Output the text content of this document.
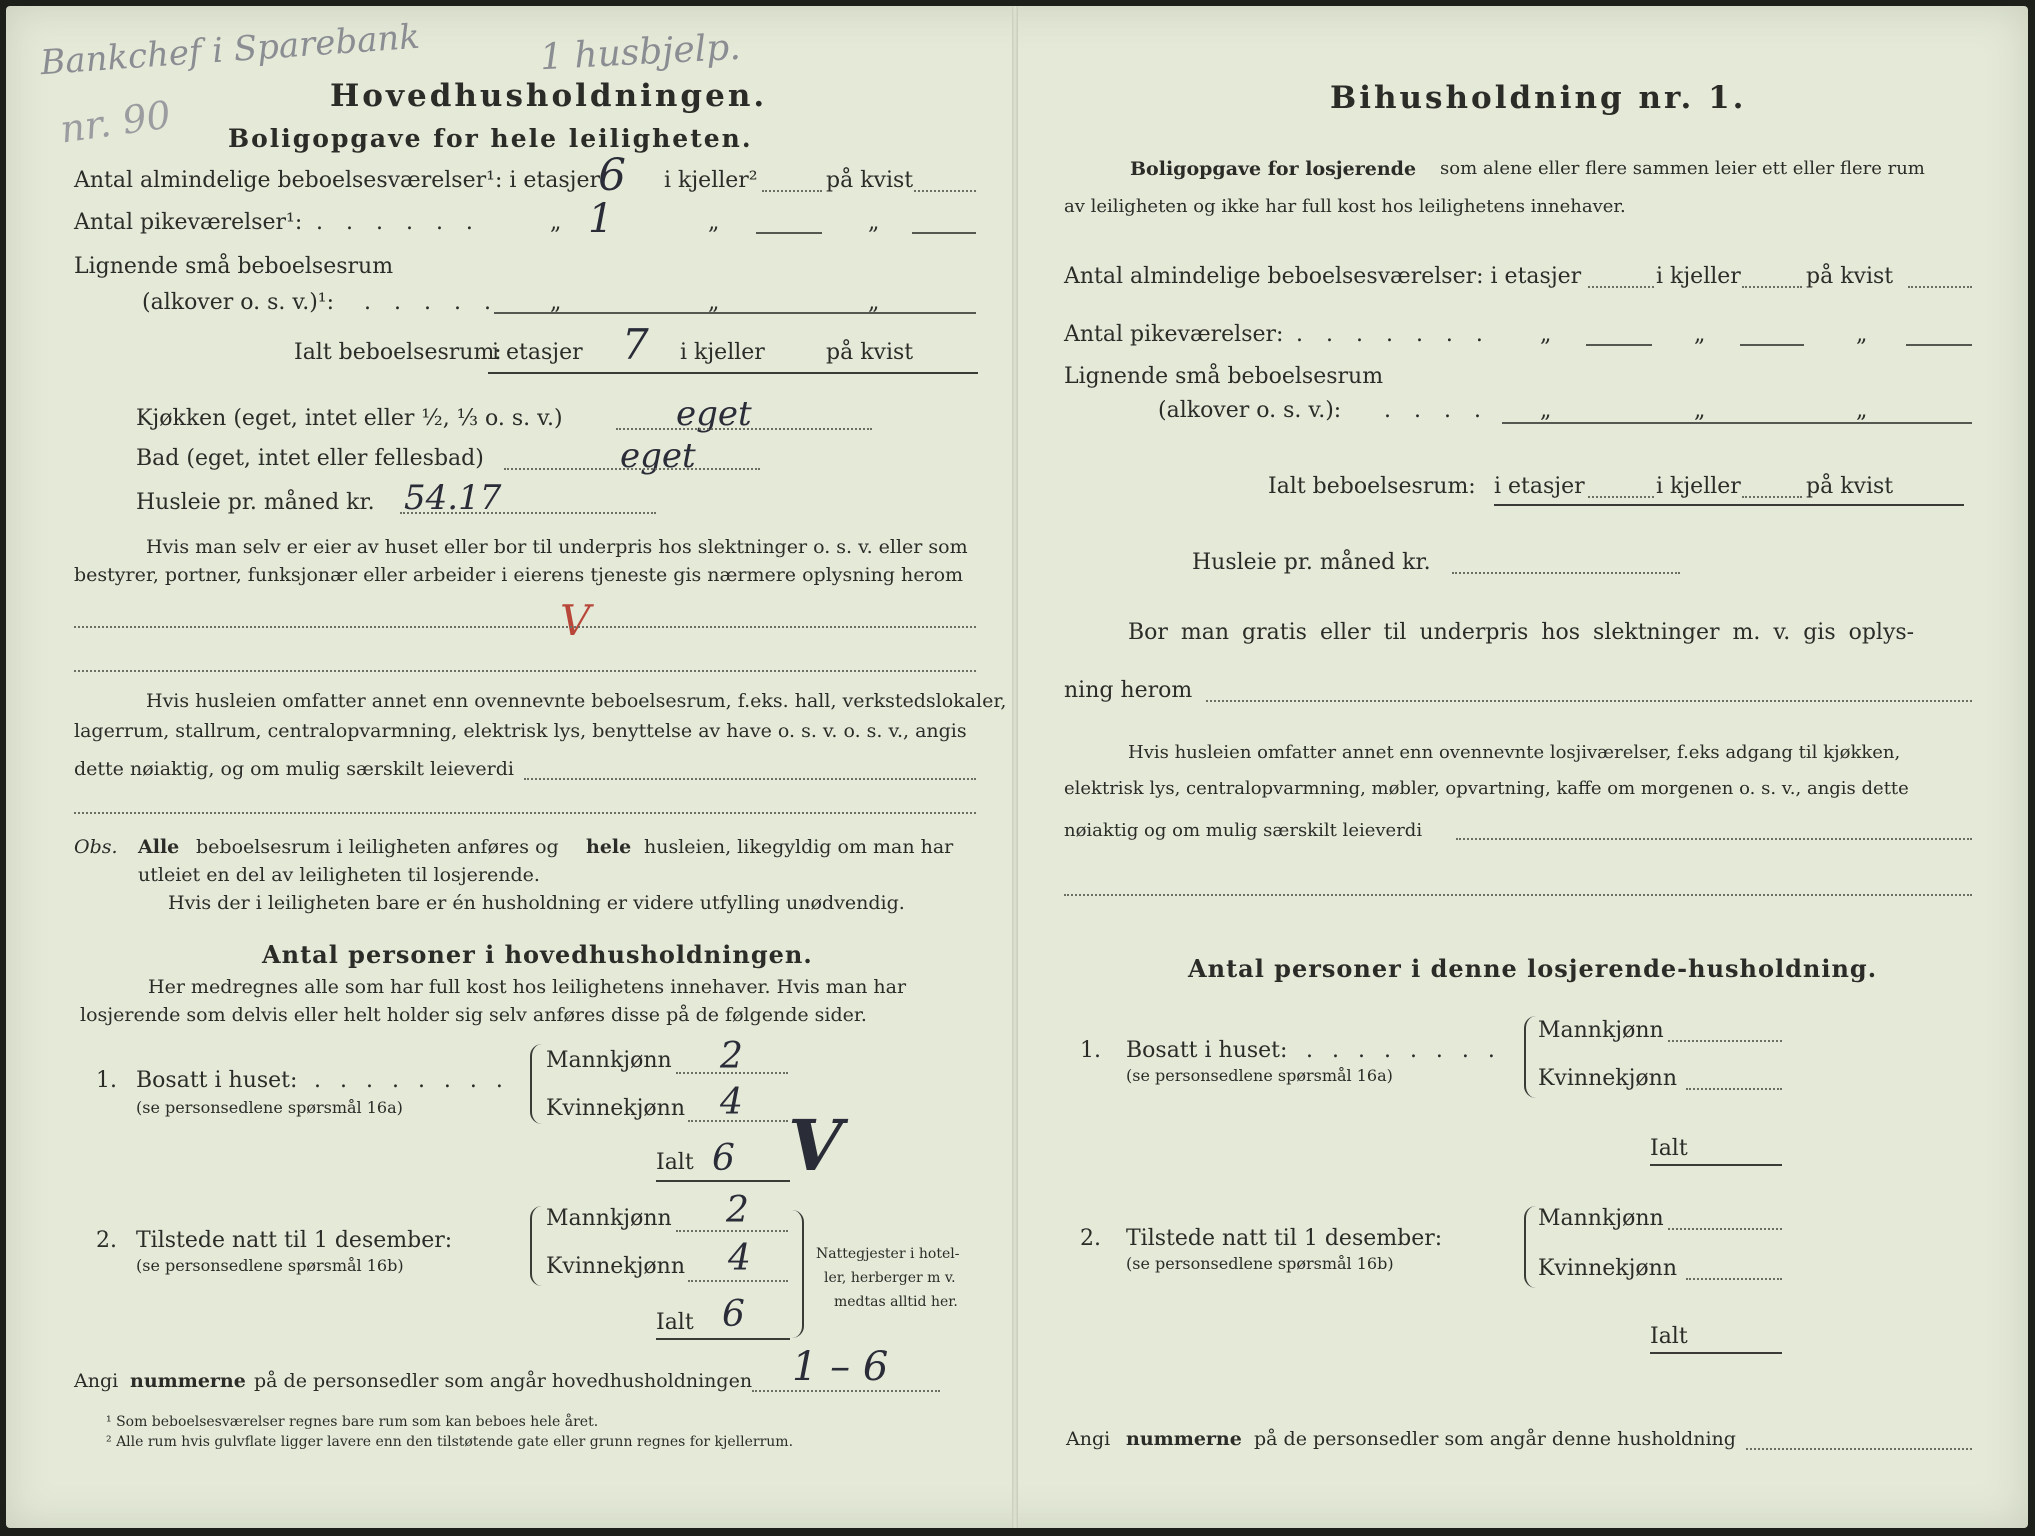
Bankchef i Sparebank	1 husbjelp.
nr. 90	Hovedhusholdningen.
Boligopgave for hele leiligheten.
Antal almindelige beboelsesværelser¹: i etasjer
6 i kjeller²	på kvist
Antal pikeværelser¹: . . . . . .	„ 1	„	„
Lignende små beboelsesrum
(alkover o. s. v.)¹: . . . . . „	„	„
Ialt beboelsesrum:
i etasjer 7 i kjeller	på kvist
Kjøkken (eget, intet eller ½, ⅓ o. s. v.)	eget
Bad (eget, intet eller fellesbad)	eget
Husleie pr. måned kr. 54.17
Hvis man selv er eier av huset eller bor til underpris hos slektninger o. s. v. eller som
bestyrer, portner, funksjonær eller arbeider i eierens tjeneste gis nærmere oplysning herom
V
Hvis husleien omfatter annet enn ovennevnte beboelsesrum, f.eks. hall, verkstedslokaler,
lagerrum, stallrum, centralopvarmning, elektrisk lys, benyttelse av have o. s. v. o. s. v., angis
dette nøiaktig, og om mulig særskilt leieverdi
Obs. Alle beboelsesrum i leiligheten anføres og hele husleien, likegyldig om man har
utleiet en del av leiligheten til losjerende.
Hvis der i leiligheten bare er én husholdning er videre utfylling unødvendig.
Antal personer i hovedhusholdningen.
Her medregnes alle som har full kost hos leilighetens innehaver. Hvis man har
losjerende som delvis eller helt holder sig selv anføres disse på de følgende sider.
1. Bosatt i huset: . . . . . . . .
(se personsedlene spørsmål 16a)
Mannkjønn 2
Kvinnekjønn 4
Ialt 6 V
2. Tilstede natt til 1 desember:
(se personsedlene spørsmål 16b)
Mannkjønn 2
Kvinnekjønn 4
Ialt 6
Nattegjester i hotel-
ler, herberger m v.
medtas alltid her.
Angi nummerne på de personsedler som angår hovedhusholdningen 1 – 6
¹ Som beboelsesværelser regnes bare rum som kan beboes hele året.
² Alle rum hvis gulvflate ligger lavere enn den tilstøtende gate eller grunn regnes for kjellerrum.
Bihusholdning nr. 1.
Boligopgave for losjerende som alene eller flere sammen leier ett eller flere rum
av leiligheten og ikke har full kost hos leilighetens innehaver.
Antal almindelige beboelsesværelser: i etasjer	i kjeller	på kvist
Antal pikeværelser: . . . . . . . „	„	„
Lignende små beboelsesrum
(alkover o. s. v.): . . . . „	„	„
Ialt beboelsesrum: i etasjer	i kjeller	på kvist
Husleie pr. måned kr.
Bor man gratis eller til underpris hos slektninger m. v. gis oplys-
ning herom
Hvis husleien omfatter annet enn ovennevnte losjiværelser, f.eks adgang til kjøkken,
elektrisk lys, centralopvarmning, møbler, opvartning, kaffe om morgenen o. s. v., angis dette
nøiaktig og om mulig særskilt leieverdi
Antal personer i denne losjerende-husholdning.
1. Bosatt i huset: . . . . . . . .
(se personsedlene spørsmål 16a)
Mannkjønn
Kvinnekjønn
Ialt
2. Tilstede natt til 1 desember:
(se personsedlene spørsmål 16b)
Mannkjønn
Kvinnekjønn
Ialt
Angi nummerne på de personsedler som angår denne husholdning
